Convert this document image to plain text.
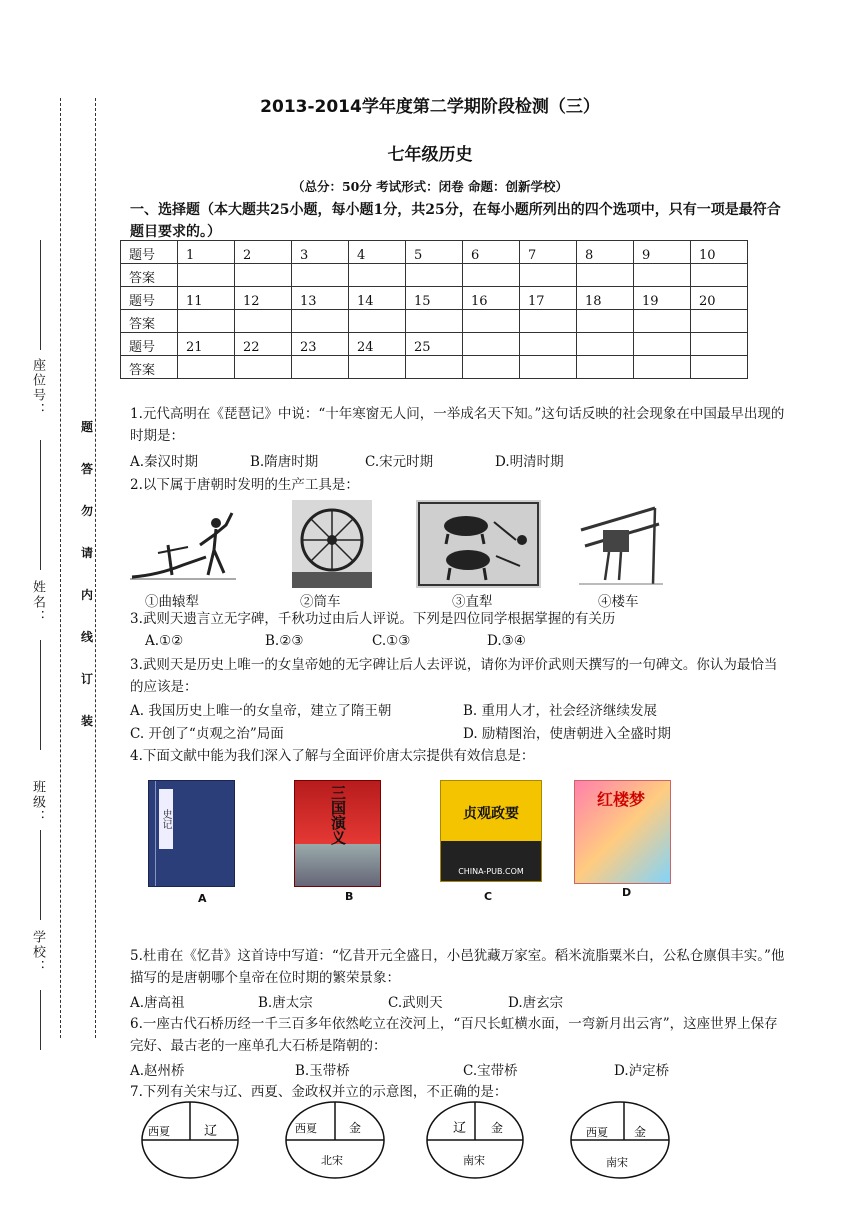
座位号：
姓名：
班级：
学校：
题
答
勿
请
内
线
订
装
2013-2014学年度第二学期阶段检测（三）
七年级历史
（总分：50分 考试形式：闭卷 命题：创新学校）
一、选择题（本大题共25小题，每小题1分，共25分，在每小题所列出的四个选项中，只有一项是最符合题目要求的。）
题号	1	2	3	4	5	6	7	8	9	10
答案										
题号	11	12	13	14	15	16	17	18	19	20
答案										
题号	21	22	23	24	25					
答案										
1.元代高明在《琵琶记》中说：“十年寒窗无人问，一举成名天下知。”这句话反映的社会现象在中国最早出现的时期是：
A.秦汉时期	B.隋唐时期	C.宋元时期	D.明清时期
2.以下属于唐朝时发明的生产工具是：
①曲辕犁	②筒车	③直犁	④楼车
3.武则天遗言立无字碑，千秋功过由后人评说。下列是四位同学根据掌握的有关历
A.①②	B.②③	C.①③	D.③④
3.武则天是历史上唯一的女皇帝她的无字碑让后人去评说，请你为评价武则天撰写的一句碑文。你认为最恰当的应该是：
A. 我国历史上唯一的女皇帝，建立了隋王朝	B. 重用人才，社会经济继续发展
C. 开创了“贞观之治”局面	D. 励精图治，使唐朝进入全盛时期
4.下面文献中能为我们深入了解与全面评价唐太宗提供有效信息是：
史记	三国演义	贞观政要
CHINA-PUB.COM
红楼梦
A	B	C	D
5.杜甫在《忆昔》这首诗中写道：“忆昔开元全盛日，小邑犹藏万家室。稻米流脂粟米白，公私仓廪俱丰实。”他描写的是唐朝哪个皇帝在位时期的繁荣景象：
A.唐高祖	B.唐太宗	C.武则天	D.唐玄宗
6.一座古代石桥历经一千三百多年依然屹立在洨河上，“百尺长虹横水面，一弯新月出云宵”，这座世界上保存完好、最古老的一座单孔大石桥是隋朝的：
A.赵州桥	B.玉带桥	C.宝带桥	D.泸定桥
7.下列有关宋与辽、西夏、金政权并立的示意图，不正确的是：
西夏	辽	西夏	金
北宋
辽 金
南宋
西夏 金
南宋
